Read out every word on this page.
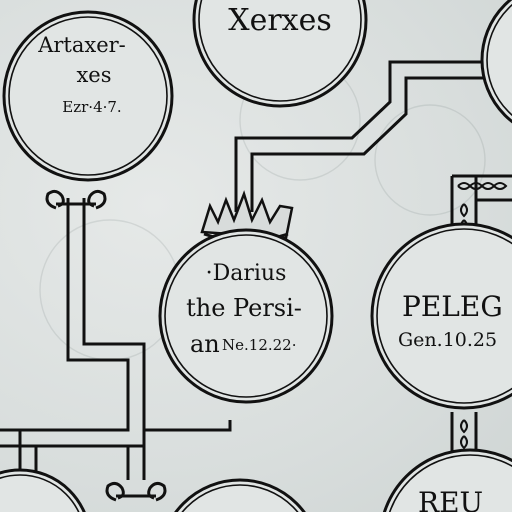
Artaxer-
xes
Ezr·4·7.
Xerxes
·Darius
the Persi-
an Ne.12.22·
PELEG
Gen.10.25
REU
